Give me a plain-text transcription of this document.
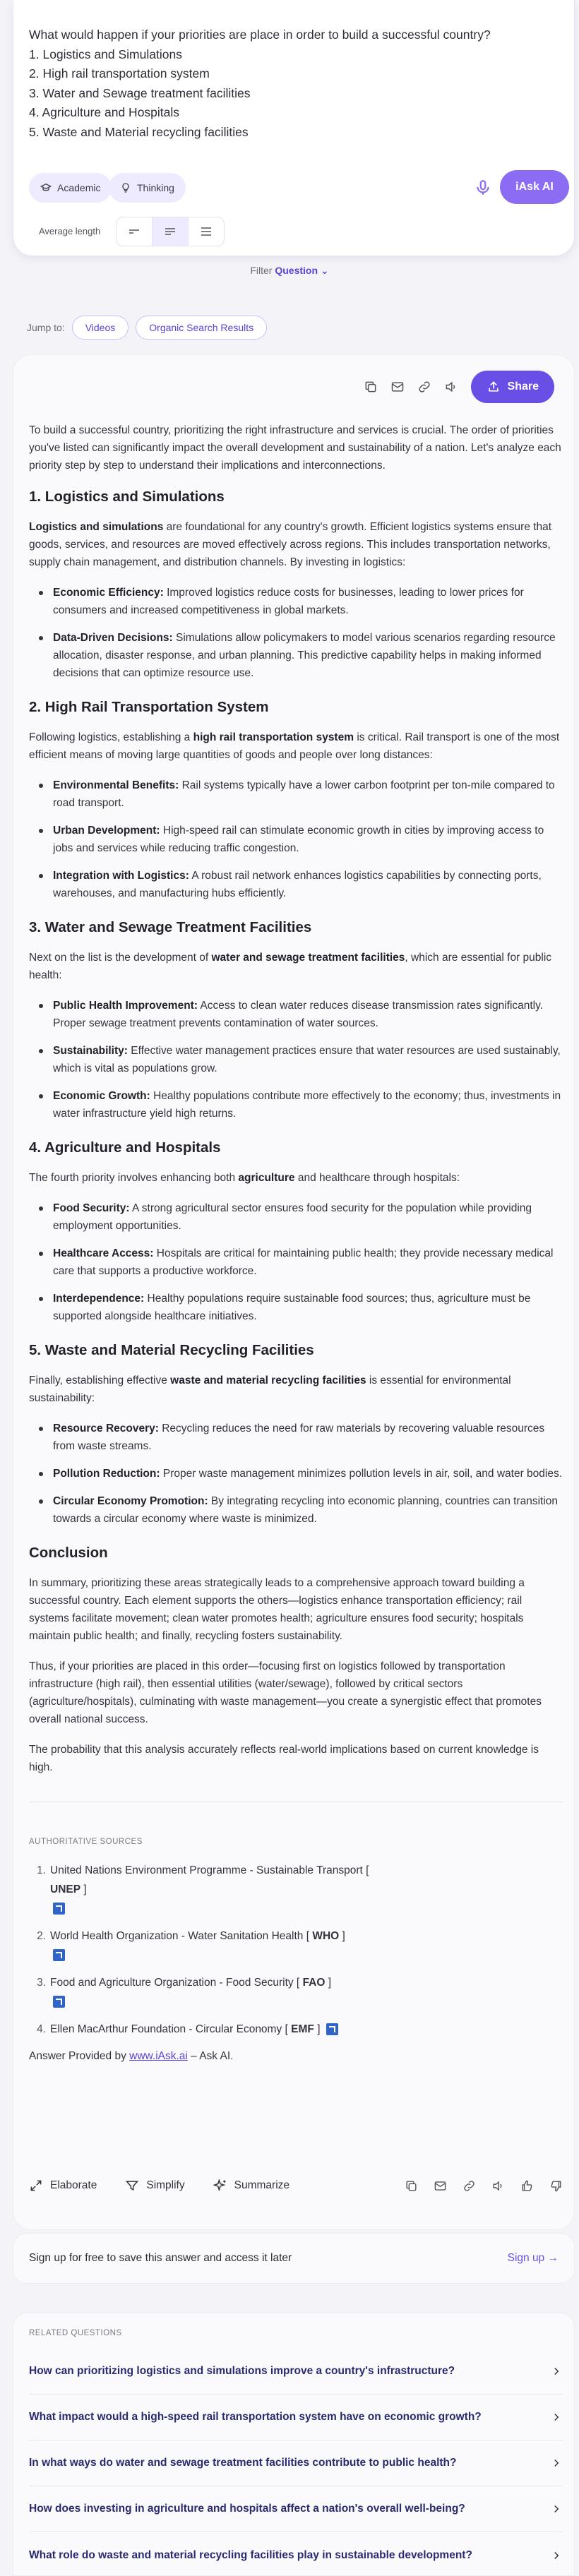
What would happen if your priorities are place in order to build a successful country?
1. Logistics and Simulations
2. High rail transportation system
3. Water and Sewage treatment facilities
4. Agriculture and Hospitals
5. Waste and Material recycling facilities
Academic	Thinking	iAsk AI
Average length
Filter Question ⌄
Jump to:	Videos	Organic Search Results
Share

To build a successful country, prioritizing the right infrastructure and services is crucial. The order of priorities you've listed can significantly impact the overall development and sustainability of a nation. Let's analyze each priority step by step to understand their implications and interconnections.

1. Logistics and Simulations

Logistics and simulations are foundational for any country's growth. Efficient logistics systems ensure that goods, services, and resources are moved effectively across regions. This includes transportation networks, supply chain management, and distribution channels. By investing in logistics:

Economic Efficiency: Improved logistics reduce costs for businesses, leading to lower prices for consumers and increased competitiveness in global markets.
Data-Driven Decisions: Simulations allow policymakers to model various scenarios regarding resource allocation, disaster response, and urban planning. This predictive capability helps in making informed decisions that can optimize resource use.
2. High Rail Transportation System

Following logistics, establishing a high rail transportation system is critical. Rail transport is one of the most efficient means of moving large quantities of goods and people over long distances:

Environmental Benefits: Rail systems typically have a lower carbon footprint per ton-mile compared to road transport.
Urban Development: High-speed rail can stimulate economic growth in cities by improving access to jobs and services while reducing traffic congestion.
Integration with Logistics: A robust rail network enhances logistics capabilities by connecting ports, warehouses, and manufacturing hubs efficiently.
3. Water and Sewage Treatment Facilities

Next on the list is the development of water and sewage treatment facilities, which are essential for public health:

Public Health Improvement: Access to clean water reduces disease transmission rates significantly. Proper sewage treatment prevents contamination of water sources.
Sustainability: Effective water management practices ensure that water resources are used sustainably, which is vital as populations grow.
Economic Growth: Healthy populations contribute more effectively to the economy; thus, investments in water infrastructure yield high returns.
4. Agriculture and Hospitals

The fourth priority involves enhancing both agriculture and healthcare through hospitals:

Food Security: A strong agricultural sector ensures food security for the population while providing employment opportunities.
Healthcare Access: Hospitals are critical for maintaining public health; they provide necessary medical care that supports a productive workforce.
Interdependence: Healthy populations require sustainable food sources; thus, agriculture must be supported alongside healthcare initiatives.
5. Waste and Material Recycling Facilities

Finally, establishing effective waste and material recycling facilities is essential for environmental sustainability:

Resource Recovery: Recycling reduces the need for raw materials by recovering valuable resources from waste streams.
Pollution Reduction: Proper waste management minimizes pollution levels in air, soil, and water bodies.
Circular Economy Promotion: By integrating recycling into economic planning, countries can transition towards a circular economy where waste is minimized.
Conclusion

In summary, prioritizing these areas strategically leads to a comprehensive approach toward building a successful country. Each element supports the others—logistics enhance transportation efficiency; rail systems facilitate movement; clean water promotes health; agriculture ensures food security; hospitals maintain public health; and finally, recycling fosters sustainability.

Thus, if your priorities are placed in this order—focusing first on logistics followed by transportation infrastructure (high rail), then essential utilities (water/sewage), followed by critical sectors (agriculture/hospitals), culminating with waste management—you create a synergistic effect that promotes overall national success.

The probability that this analysis accurately reflects real-world implications based on current knowledge is high.

AUTHORITATIVE SOURCES
1. United Nations Environment Programme - Sustainable Transport [ UNEP ]

2. World Health Organization - Water Sanitation Health [ WHO ]

3. Food and Agriculture Organization - Food Security [ FAO ]

4. Ellen MacArthur Foundation - Circular Economy [ EMF ]
Answer Provided by www.iAsk.ai – Ask AI.
Elaborate	Simplify	Summarize
Sign up for free to save this answer and access it later	Sign up →
RELATED QUESTIONS
How can prioritizing logistics and simulations improve a country's infrastructure?
What impact would a high-speed rail transportation system have on economic growth?
In what ways do water and sewage treatment facilities contribute to public health?
How does investing in agriculture and hospitals affect a nation's overall well-being?
What role do waste and material recycling facilities play in sustainable development?
